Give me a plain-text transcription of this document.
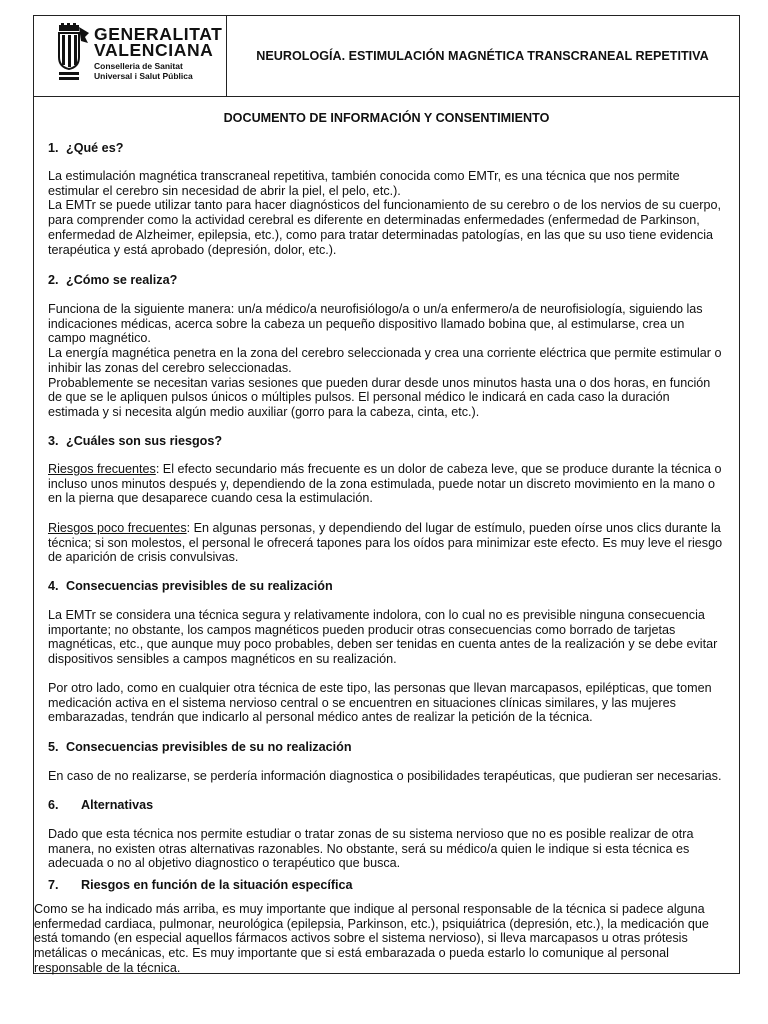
GENERALITAT
VALENCIANA
Conselleria de Sanitat
Universal i Salut Pública
NEUROLOGÍA. ESTIMULACIÓN MAGNÉTICA TRANSCRANEAL REPETITIVA
DOCUMENTO DE INFORMACIÓN Y CONSENTIMIENTO
1. ¿Qué es?
La estimulación magnética transcraneal repetitiva, también conocida como EMTr, es una técnica que nos permite
estimular el cerebro sin necesidad de abrir la piel, el pelo, etc.).
La EMTr se puede utilizar tanto para hacer diagnósticos del funcionamiento de su cerebro o de los nervios de su cuerpo,
para comprender como la actividad cerebral es diferente en determinadas enfermedades (enfermedad de Parkinson,
enfermedad de Alzheimer, epilepsia, etc.), como para tratar determinadas patologías, en las que su uso tiene evidencia
terapéutica y está aprobado (depresión, dolor, etc.).
2. ¿Cómo se realiza?
Funciona de la siguiente manera: un/a médico/a neurofisiólogo/a o un/a enfermero/a de neurofisiología, siguiendo las
indicaciones médicas, acerca sobre la cabeza un pequeño dispositivo llamado bobina que, al estimularse, crea un
campo magnético.
La energía magnética penetra en la zona del cerebro seleccionada y crea una corriente eléctrica que permite estimular o
inhibir las zonas del cerebro seleccionadas.
Probablemente se necesitan varias sesiones que pueden durar desde unos minutos hasta una o dos horas, en función
de que se le apliquen pulsos únicos o múltiples pulsos. El personal médico le indicará en cada caso la duración
estimada y si necesita algún medio auxiliar (gorro para la cabeza, cinta, etc.).
3. ¿Cuáles son sus riesgos?
Riesgos frecuentes: El efecto secundario más frecuente es un dolor de cabeza leve, que se produce durante la técnica o
incluso unos minutos después y, dependiendo de la zona estimulada, puede notar un discreto movimiento en la mano o
en la pierna que desaparece cuando cesa la estimulación.
Riesgos poco frecuentes: En algunas personas, y dependiendo del lugar de estímulo, pueden oírse unos clics durante la
técnica; si son molestos, el personal le ofrecerá tapones para los oídos para minimizar este efecto. Es muy leve el riesgo
de aparición de crisis convulsivas.
4. Consecuencias previsibles de su realización
La EMTr se considera una técnica segura y relativamente indolora, con lo cual no es previsible ninguna consecuencia
importante; no obstante, los campos magnéticos pueden producir otras consecuencias como borrado de tarjetas
magnéticas, etc., que aunque muy poco probables, deben ser tenidas en cuenta antes de la realización y se debe evitar
dispositivos sensibles a campos magnéticos en su realización.
Por otro lado, como en cualquier otra técnica de este tipo, las personas que llevan marcapasos, epilépticas, que tomen
medicación activa en el sistema nervioso central o se encuentren en situaciones clínicas similares, y las mujeres
embarazadas, tendrán que indicarlo al personal médico antes de realizar la petición de la técnica.
5. Consecuencias previsibles de su no realización
En caso de no realizarse, se perdería información diagnostica o posibilidades terapéuticas, que pudieran ser necesarias.
6. Alternativas
Dado que esta técnica nos permite estudiar o tratar zonas de su sistema nervioso que no es posible realizar de otra
manera, no existen otras alternativas razonables. No obstante, será su médico/a quien le indique si esta técnica es
adecuada o no al objetivo diagnostico o terapéutico que busca.
7. Riesgos en función de la situación específica
Como se ha indicado más arriba, es muy importante que indique al personal responsable de la técnica si padece alguna
enfermedad cardiaca, pulmonar, neurológica (epilepsia, Parkinson, etc.), psiquiátrica (depresión, etc.), la medicación que
está tomando (en especial aquellos fármacos activos sobre el sistema nervioso), si lleva marcapasos u otras prótesis
metálicas o mecánicas, etc. Es muy importante que si está embarazada o pueda estarlo lo comunique al personal
responsable de la técnica.
